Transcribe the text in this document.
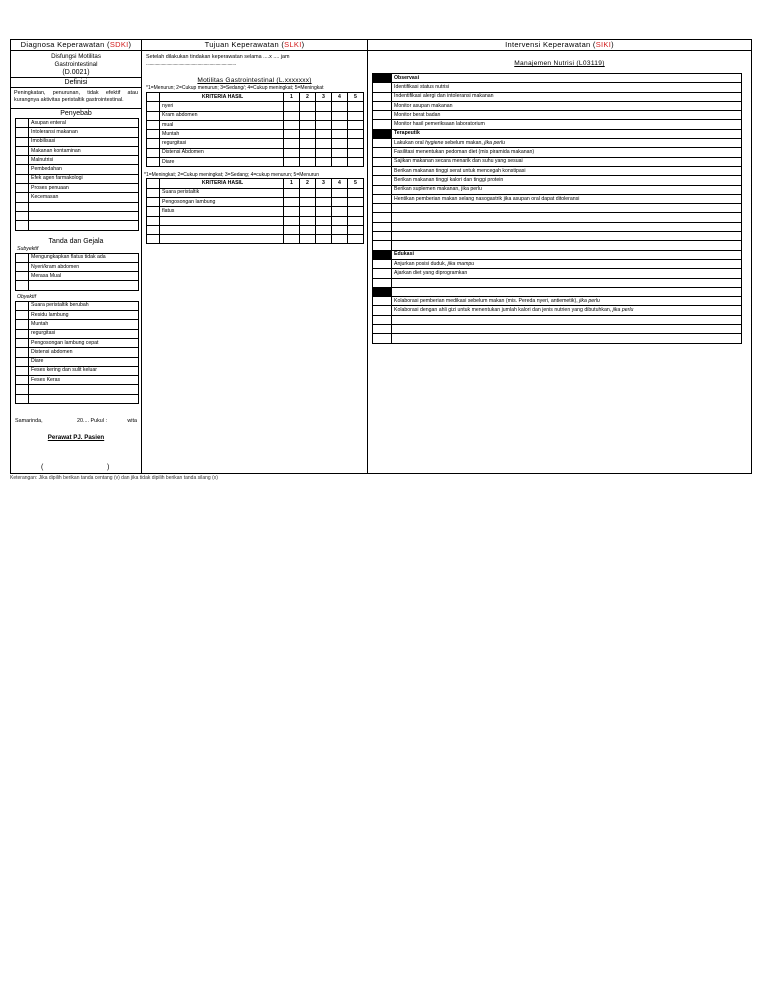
Diagnosa Keperawatan (SDKI)
Disfungsi Motilitas
Gastrointestinal
(D.0021)
Definisi
Peningkatan, penurunan, tidak efektif atau kurangnya aktivitas peristaltik gastrointestinal.
Penyebab
	Asupan enteral
	Intoleransi makanan
	Imobilisasi
	Makanan kontaminan
	Malnutrisi
	Pembedahan
	Efek agen farmakologi
	Proses penuaan
	Kecemasan

Tanda dan Gejala
Subyektif
	Mengungkapkan flatus tidak ada
	Nyeri/kram abdomen
	Merasa Mual

Obyektif
	Suara peristaltik berubah
	Residu lambung
	Muntah
	regurgitasi
	Pengosongan lambung cepat
	Distensi abdomen
	Diare
	Feses kering dan sulit keluar
	Feses Keras

Samarinda,	20.... Pukul :	wita
Perawat PJ. Pasien
(	)
Tujuan Keperawatan (SLKI)
Setelah dilakukan tindakan keperawatan selama ....x .... jam
...........................................................................
Motilitas Gastrointestinal (L.xxxxxxx)
*1=Menurun; 2=Cukup menurun; 3=Sedang/; 4=Cukup meningkat; 5=Meningkat
	KRITERIA HASIL	1	2	3	4	5
	nyeri					
	Kram abdomen					
	mual					
	Muntah					
	regurgitasi					
	Distensi Abdomen					
	Diare					
*1=Meningkat; 2=Cukup meningkat; 3=Sedang; 4=cukup menurun; 5=Menurun
	KRITERIA HASIL	1	2	3	4	5
	Suara peristaltik					
	Pengosongan lambung					
	flatus					

Intervensi Keperawatan (SIKI)
Manajemen Nutrisi (L03119)
	Observasi
	Identifikasi status nutrisi
	Indentifikasi alergi dan intoleransi makanan
	Monitor asupan makanan
	Monitor berat badan
	Monitor hasil pemeriksaan laboratorium
	Terapeutik
	Lakukan oral hygiene sebelum makan, jika perlu
	Fasilitasi menentukan pedoman diet (mis piramida makanan)
	Sajikan makanan secara menarik dan suhu yang sesuai
	Berikan makanan tinggi serat untuk mencegah konstipasi
	Berikan makanan tinggi kalori dan tinggi protein
	Berikan suplemen makanan, jika perlu
	Hentikan pemberian makan selang nasogastrik jika asupan oral dapat ditoleransi

	Edukasi
	Anjurkan posisi duduk, jika mampu
	Ajarkan diet yang diprogramkan

	Kolaborasi pemberian medikasi sebelum makan (mis. Pereda nyeri, antiemetik), jika perlu
	Kolaborasi dengan ahli gizi untuk menentukan jumlah kalori dan jenis nutrien yang dibutuhkan, jika perlu

Keterangan: Jika dipilih berikan tanda centang (v) dan jika tidak dipilih berikan tanda silang (x)
